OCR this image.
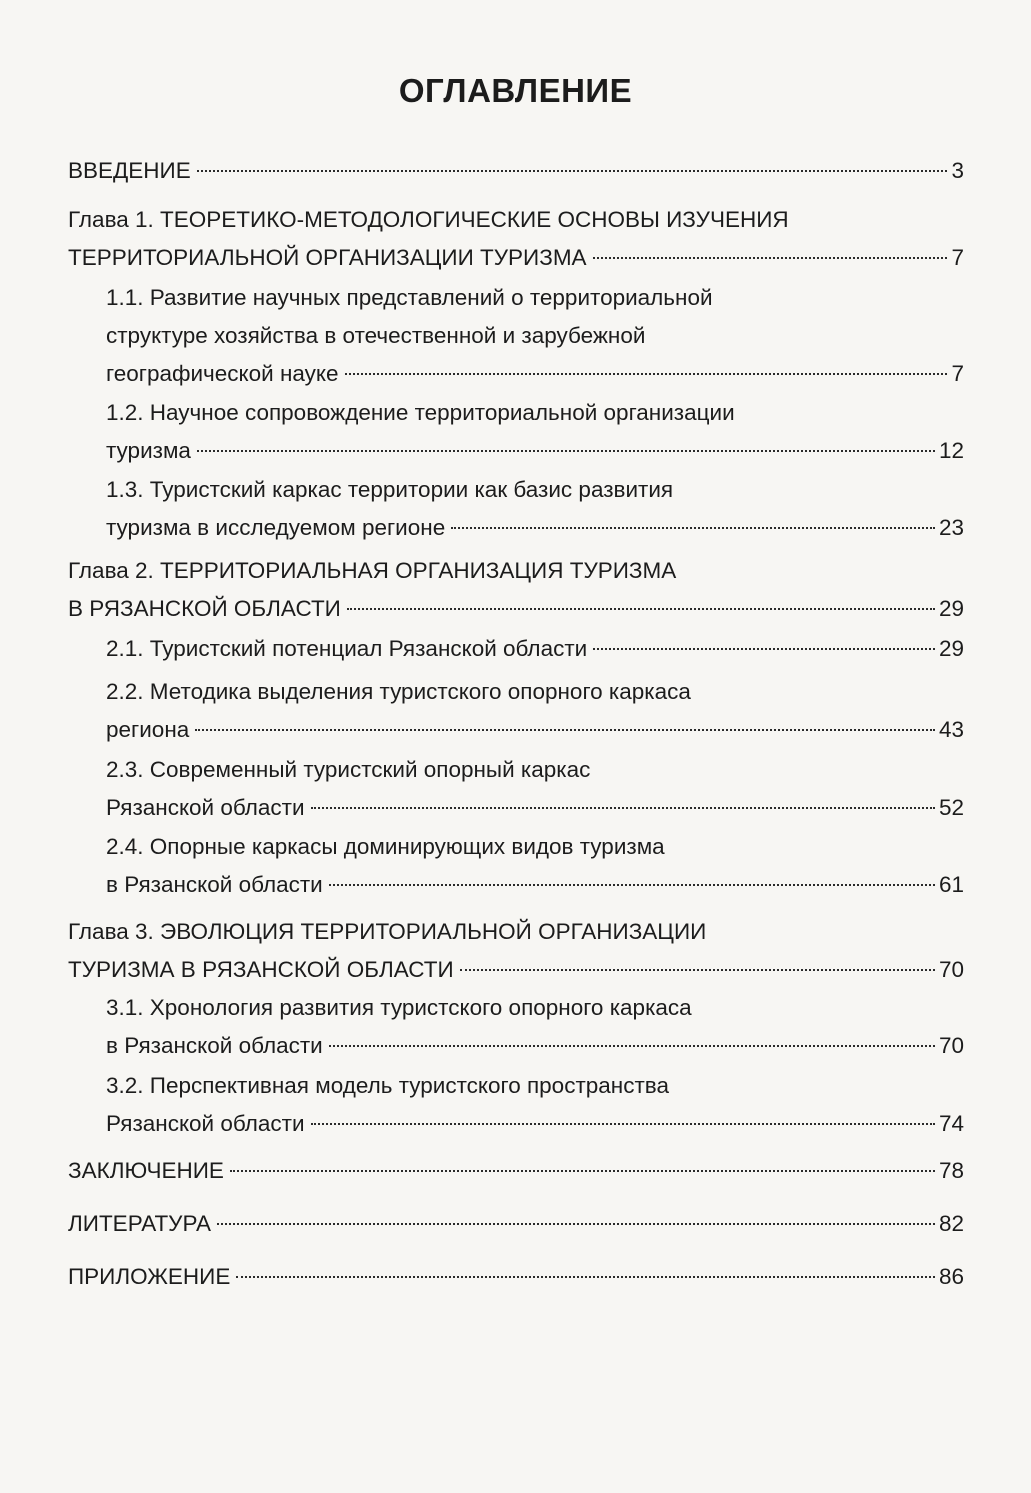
ОГЛАВЛЕНИЕ
ВВЕДЕНИЕ	3
Глава 1. ТЕОРЕТИКО-МЕТОДОЛОГИЧЕСКИЕ ОСНОВЫ ИЗУЧЕНИЯ
ТЕРРИТОРИАЛЬНОЙ ОРГАНИЗАЦИИ ТУРИЗМА	7
1.1. Развитие научных представлений о территориальной
структуре хозяйства в отечественной и зарубежной
географической науке	7
1.2. Научное сопровождение территориальной организации
туризма	12
1.3. Туристский каркас территории как базис развития
туризма в исследуемом регионе	23
Глава 2. ТЕРРИТОРИАЛЬНАЯ ОРГАНИЗАЦИЯ ТУРИЗМА
В РЯЗАНСКОЙ ОБЛАСТИ	29
2.1. Туристский потенциал Рязанской области	29
2.2. Методика выделения туристского опорного каркаса
региона	43
2.3. Современный туристский опорный каркас
Рязанской области	52
2.4. Опорные каркасы доминирующих видов туризма
в Рязанской области	61
Глава 3. ЭВОЛЮЦИЯ ТЕРРИТОРИАЛЬНОЙ ОРГАНИЗАЦИИ
ТУРИЗМА В РЯЗАНСКОЙ ОБЛАСТИ	70
3.1. Хронология развития туристского опорного каркаса
в Рязанской области	70
3.2. Перспективная модель туристского пространства
Рязанской области	74
ЗАКЛЮЧЕНИЕ	78
ЛИТЕРАТУРА	82
ПРИЛОЖЕНИЕ	86
